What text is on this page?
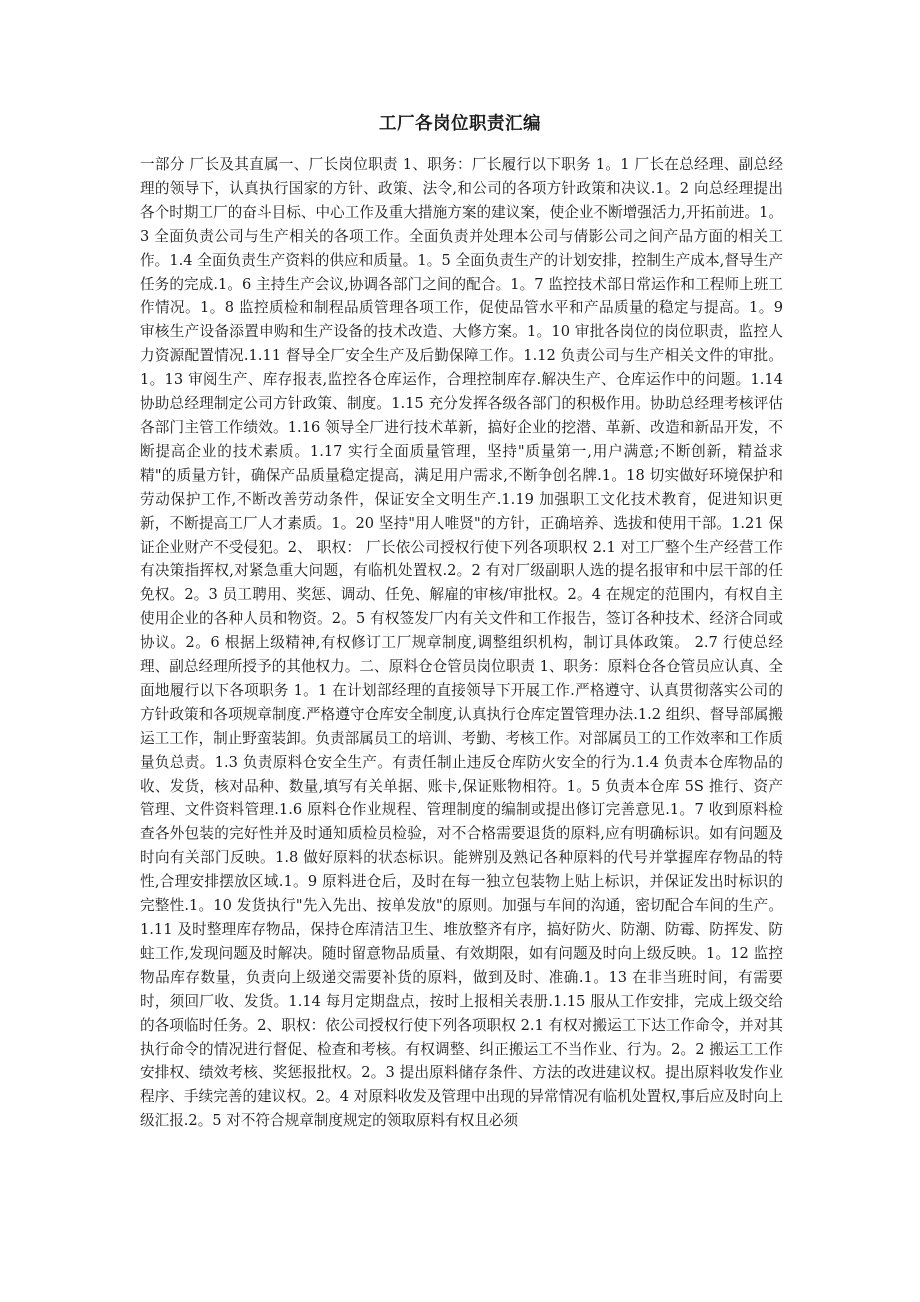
工厂各岗位职责汇编
一部分 厂长及其直属一、厂长岗位职责 1、职务：厂长履行以下职务 1。1 厂长在总经理、副总经理的领导下，认真执行国家的方针、政策、法令,和公司的各项方针政策和决议.1。2 向总经理提出各个时期工厂的奋斗目标、中心工作及重大措施方案的建议案，使企业不断增强活力,开拓前进。1。3 全面负责公司与生产相关的各项工作。全面负责并处理本公司与倩影公司之间产品方面的相关工作。1.4 全面负责生产资料的供应和质量。1。5 全面负责生产的计划安排，控制生产成本,督导生产任务的完成.1。6 主持生产会议,协调各部门之间的配合。1。7 监控技术部日常运作和工程师上班工作情况。1。8 监控质检和制程品质管理各项工作，促使品管水平和产品质量的稳定与提高。1。9 审核生产设备添置申购和生产设备的技术改造、大修方案。1。10 审批各岗位的岗位职责，监控人力资源配置情况.1.11 督导全厂安全生产及后勤保障工作。1.12 负责公司与生产相关文件的审批。1。13 审阅生产、库存报表,监控各仓库运作，合理控制库存.解决生产、仓库运作中的问题。1.14 协助总经理制定公司方针政策、制度。1.15 充分发挥各级各部门的积极作用。协助总经理考核评估各部门主管工作绩效。1.16 领导全厂进行技术革新，搞好企业的挖潜、革新、改造和新品开发，不断提高企业的技术素质。1.17 实行全面质量管理，坚持"质量第一,用户满意;不断创新，精益求精"的质量方针，确保产品质量稳定提高，满足用户需求,不断争创名牌.1。18 切实做好环境保护和劳动保护工作,不断改善劳动条件，保证安全文明生产.1.19 加强职工文化技术教育，促进知识更新，不断提高工厂人才素质。1。20 坚持"用人唯贤"的方针，正确培养、选拔和使用干部。1.21 保证企业财产不受侵犯。2、 职权： 厂长依公司授权行使下列各项职权 2.1 对工厂整个生产经营工作有决策指挥权,对紧急重大问题，有临机处置权.2。2 有对厂级副职人选的提名报审和中层干部的任免权。2。3 员工聘用、奖惩、调动、任免、解雇的审核/审批权。2。4 在规定的范围内，有权自主使用企业的各种人员和物资。2。5 有权签发厂内有关文件和工作报告，签订各种技术、经济合同或协议。2。6 根据上级精神,有权修订工厂规章制度,调整组织机构，制订具体政策。 2.7 行使总经理、副总经理所授予的其他权力。二、原料仓仓管员岗位职责 1、职务：原料仓各仓管员应认真、全面地履行以下各项职务 1。1 在计划部经理的直接领导下开展工作.严格遵守、认真贯彻落实公司的方针政策和各项规章制度.严格遵守仓库安全制度,认真执行仓库定置管理办法.1.2 组织、督导部属搬运工工作，制止野蛮装卸。负责部属员工的培训、考勤、考核工作。对部属员工的工作效率和工作质量负总责。1.3 负责原料仓安全生产。有责任制止违反仓库防火安全的行为.1.4 负责本仓库物品的收、发货，核对品种、数量,填写有关单据、账卡,保证账物相符。1。5 负责本仓库 5S 推行、资产管理、文件资料管理.1.6 原料仓作业规程、管理制度的编制或提出修订完善意见.1。7 收到原料检查各外包装的完好性并及时通知质检员检验，对不合格需要退货的原料,应有明确标识。如有问题及时向有关部门反映。1.8 做好原料的状态标识。能辨别及熟记各种原料的代号并掌握库存物品的特性,合理安排摆放区域.1。9 原料进仓后，及时在每一独立包装物上贴上标识，并保证发出时标识的完整性.1。10 发货执行"先入先出、按单发放"的原则。加强与车间的沟通，密切配合车间的生产。1.11 及时整理库存物品，保持仓库清洁卫生、堆放整齐有序，搞好防火、防潮、防霉、防挥发、防蛀工作,发现问题及时解决。随时留意物品质量、有效期限，如有问题及时向上级反映。1。12 监控物品库存数量，负责向上级递交需要补货的原料，做到及时、准确.1。13 在非当班时间，有需要时，须回厂收、发货。1.14 每月定期盘点，按时上报相关表册.1.15 服从工作安排，完成上级交给的各项临时任务。2、职权：依公司授权行使下列各项职权 2.1 有权对搬运工下达工作命令，并对其执行命令的情况进行督促、检查和考核。有权调整、纠正搬运工不当作业、行为。2。2 搬运工工作安排权、绩效考核、奖惩报批权。2。3 提出原料储存条件、方法的改进建议权。提出原料收发作业程序、手续完善的建议权。2。4 对原料收发及管理中出现的异常情况有临机处置权,事后应及时向上级汇报.2。5 对不符合规章制度规定的领取原料有权且必须
